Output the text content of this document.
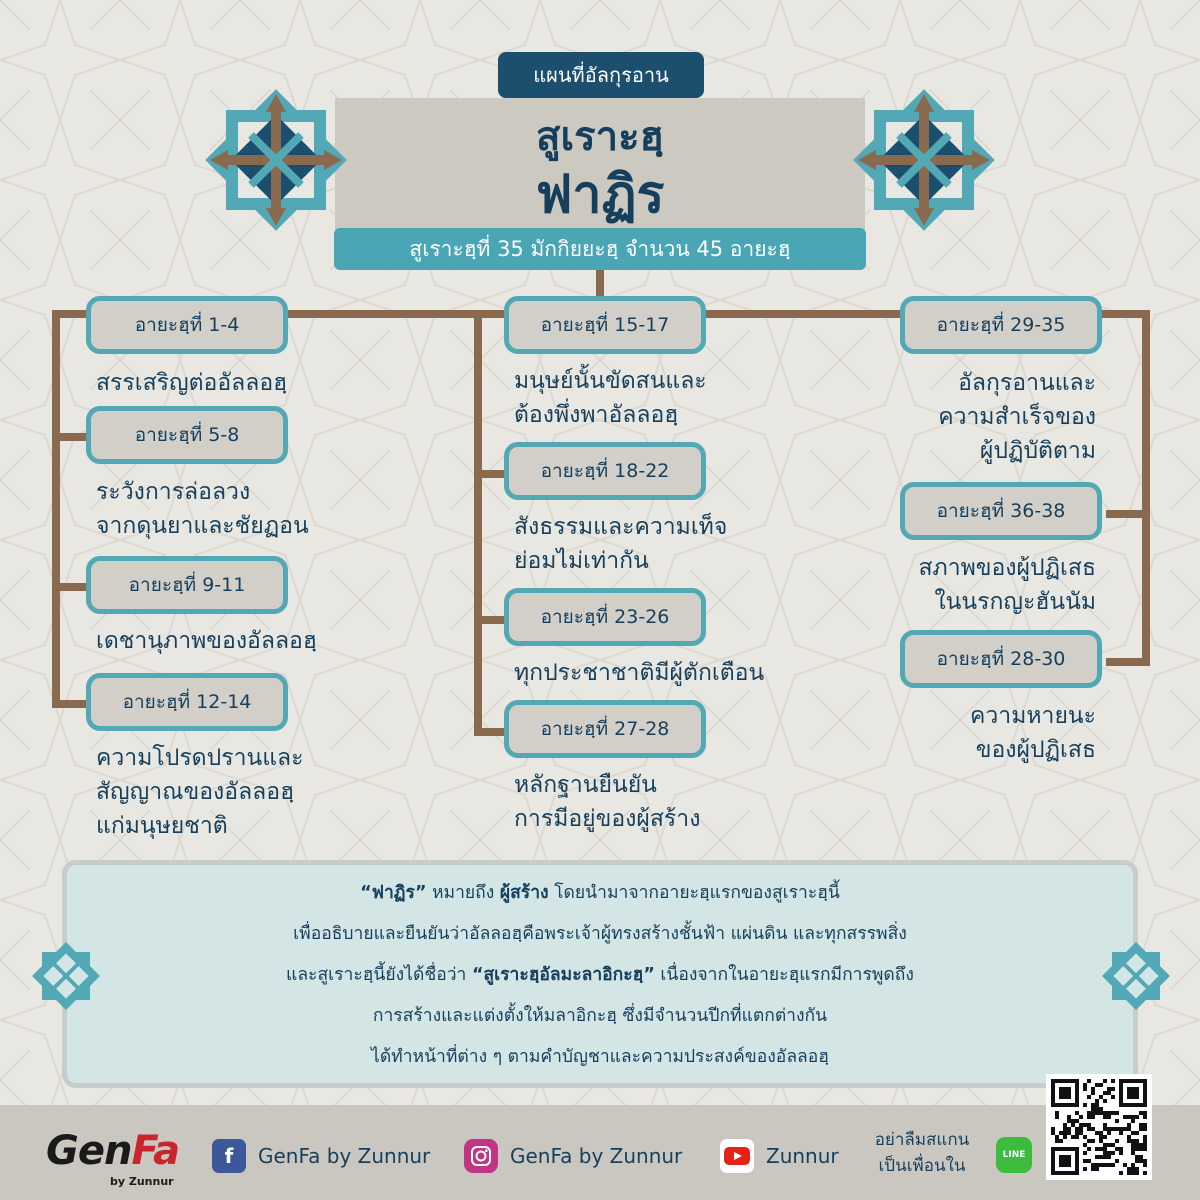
แผนที่อัลกุรอาน
สูเราะฮฺ
ฟาฏิร
สูเราะฮฺที่ 35 มักกิยยะฮฺ จำนวน 45 อายะฮฺ
อายะฮฺที่ 1-4
สรรเสริญต่ออัลลอฮฺ
อายะฮฺที่ 5-8
ระวังการล่อลวง
จากดุนยาและชัยฏอน
อายะฮฺที่ 9-11
เดชานุภาพของอัลลอฮฺ
อายะฮฺที่ 12-14
ความโปรดปรานและ
สัญญาณของอัลลอฮฺ
แก่มนุษยชาติ
อายะฮฺที่ 15-17
มนุษย์นั้นขัดสนและ
ต้องพึ่งพาอัลลอฮฺ
อายะฮฺที่ 18-22
สังธรรมและความเท็จ
ย่อมไม่เท่ากัน
อายะฮฺที่ 23-26
ทุกประชาชาติมีผู้ตักเตือน
อายะฮฺที่ 27-28
หลักฐานยืนยัน
การมีอยู่ของผู้สร้าง
อายะฮฺที่ 29-35
อัลกุรอานและ
ความสำเร็จของ
ผู้ปฏิบัติตาม
อายะฮฺที่ 36-38
สภาพของผู้ปฏิเสธ
ในนรกญะฮันนัม
อายะฮฺที่ 28-30
ความหายนะ
ของผู้ปฏิเสธ
“ฟาฏิร” หมายถึง ผู้สร้าง โดยนำมาจากอายะฮฺแรกของสูเราะฮฺนี้
เพื่ออธิบายและยืนยันว่าอัลลอฮฺคือพระเจ้าผู้ทรงสร้างชั้นฟ้า แผ่นดิน และทุกสรรพสิ่ง
และสูเราะฮฺนี้ยังได้ชื่อว่า “สูเราะฮฺอัลมะลาอิกะฮฺ” เนื่องจากในอายะฮฺแรกมีการพูดถึง
การสร้างและแต่งตั้งให้มลาอิกะฮฺ ซึ่งมีจำนวนปีกที่แตกต่างกัน
ได้ทำหน้าที่ต่าง ๆ ตามคำบัญชาและความประสงค์ของอัลลอฮฺ
GenFa
by Zunnur
f	GenFa by Zunnur	GenFa by Zunnur	Zunnur
อย่าลืมสแกน
เป็นเพื่อนใน
LINE
